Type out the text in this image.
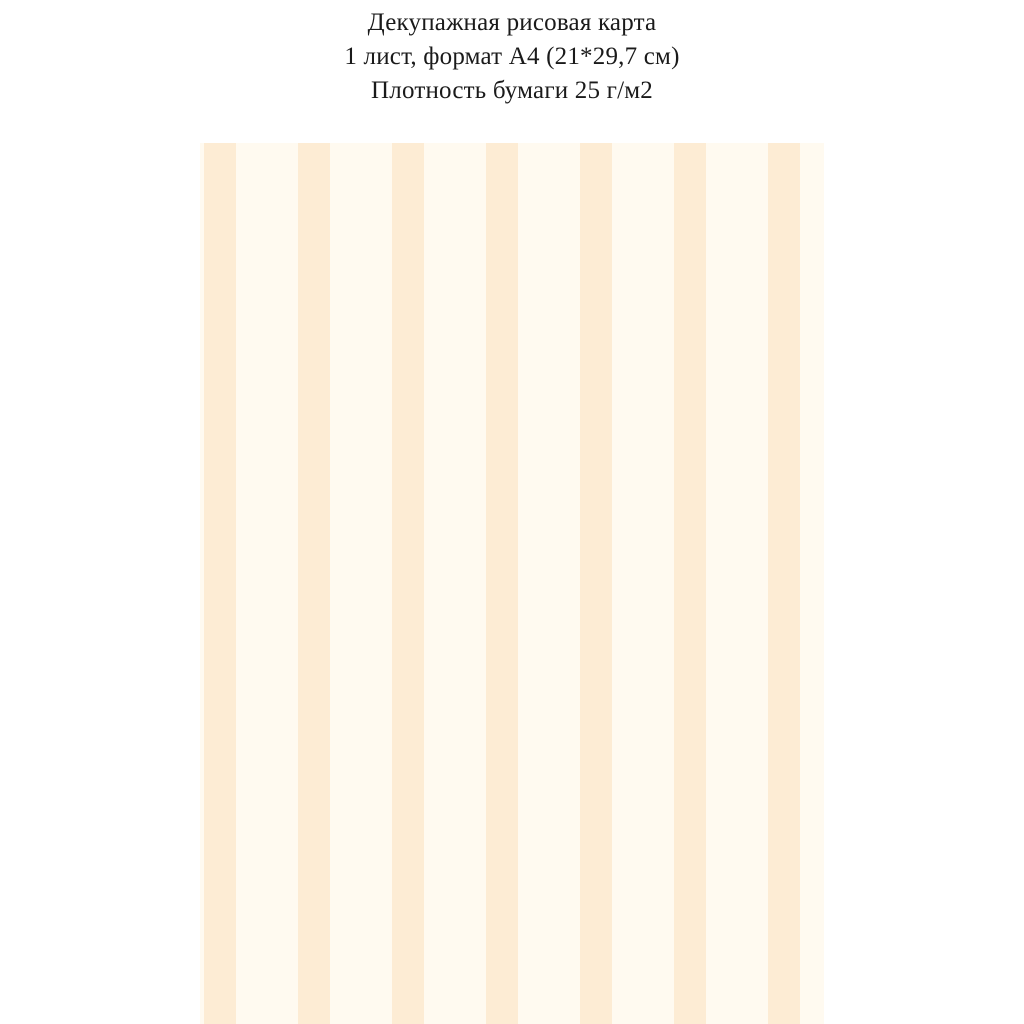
Декупажная рисовая карта
1 лист, формат А4 (21*29,7 см)
Плотность бумаги 25 г/м2
